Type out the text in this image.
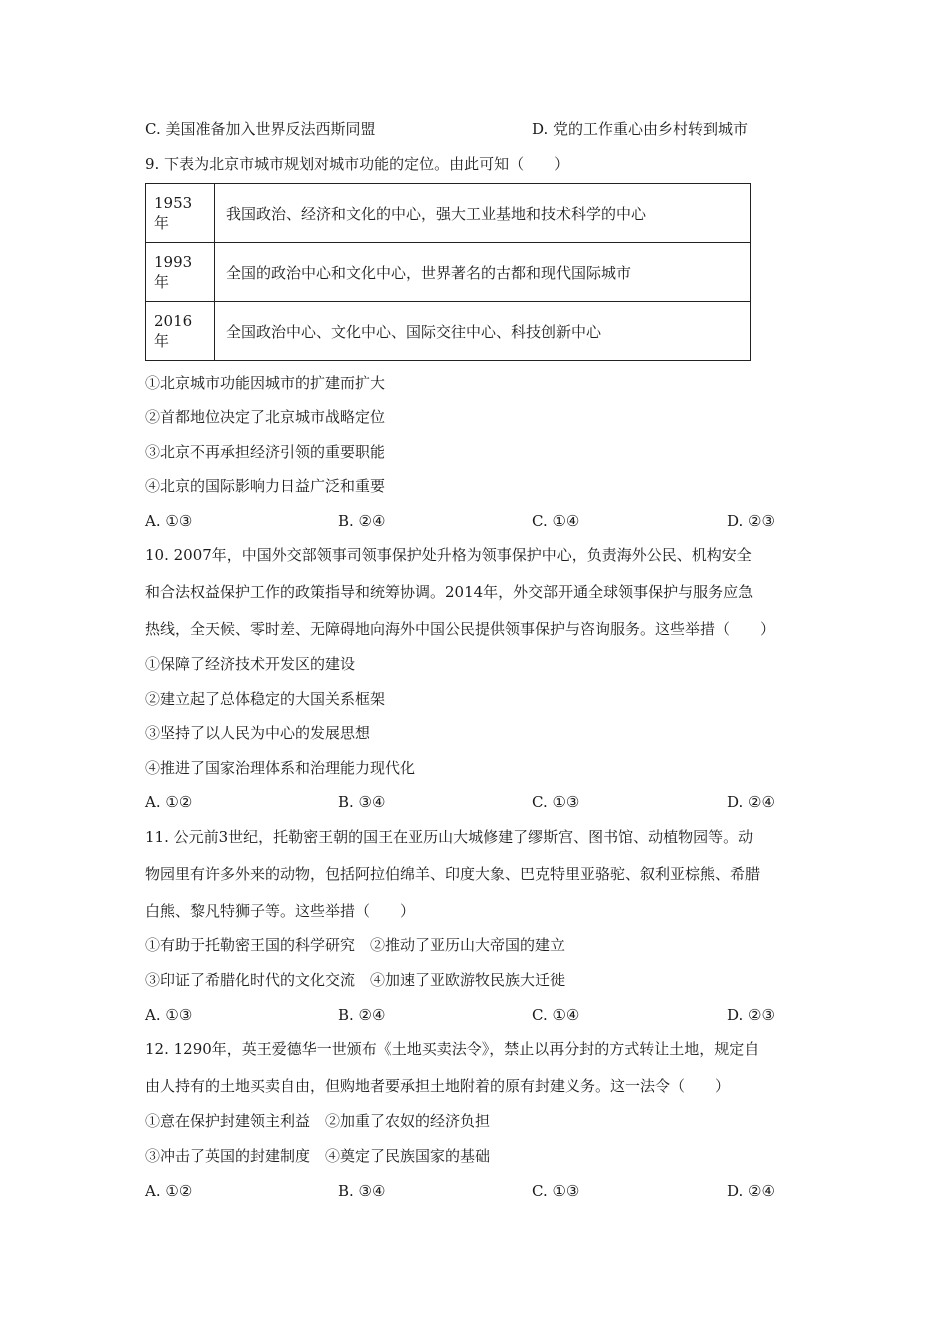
C. 美国准备加入世界反法西斯同盟	D. 党的工作重心由乡村转到城市
9. 下表为北京市城市规划对城市功能的定位。由此可知（　　）
1953
年	我国政治、经济和文化的中心，强大工业基地和技术科学的中心
1993
年	全国的政治中心和文化中心，世界著名的古都和现代国际城市
2016
年	全国政治中心、文化中心、国际交往中心、科技创新中心
①北京城市功能因城市的扩建而扩大
②首都地位决定了北京城市战略定位
③北京不再承担经济引领的重要职能
④北京的国际影响力日益广泛和重要
A. ①③	B. ②④	C. ①④	D. ②③
10. 2007年，中国外交部领事司领事保护处升格为领事保护中心，负责海外公民、机构安全
和合法权益保护工作的政策指导和统筹协调。2014年，外交部开通全球领事保护与服务应急
热线，全天候、零时差、无障碍地向海外中国公民提供领事保护与咨询服务。这些举措（　　）
①保障了经济技术开发区的建设
②建立起了总体稳定的大国关系框架
③坚持了以人民为中心的发展思想
④推进了国家治理体系和治理能力现代化
A. ①②	B. ③④	C. ①③	D. ②④
11. 公元前3世纪，托勒密王朝的国王在亚历山大城修建了缪斯宫、图书馆、动植物园等。动
物园里有许多外来的动物，包括阿拉伯绵羊、印度大象、巴克特里亚骆驼、叙利亚棕熊、希腊
白熊、黎凡特狮子等。这些举措（　　）
①有助于托勒密王国的科学研究　②推动了亚历山大帝国的建立
③印证了希腊化时代的文化交流　④加速了亚欧游牧民族大迁徙
A. ①③	B. ②④	C. ①④	D. ②③
12. 1290年，英王爱德华一世颁布《土地买卖法令》，禁止以再分封的方式转让土地，规定自
由人持有的土地买卖自由，但购地者要承担土地附着的原有封建义务。这一法令（　　）
①意在保护封建领主利益　②加重了农奴的经济负担
③冲击了英国的封建制度　④奠定了民族国家的基础
A. ①②	B. ③④	C. ①③	D. ②④
